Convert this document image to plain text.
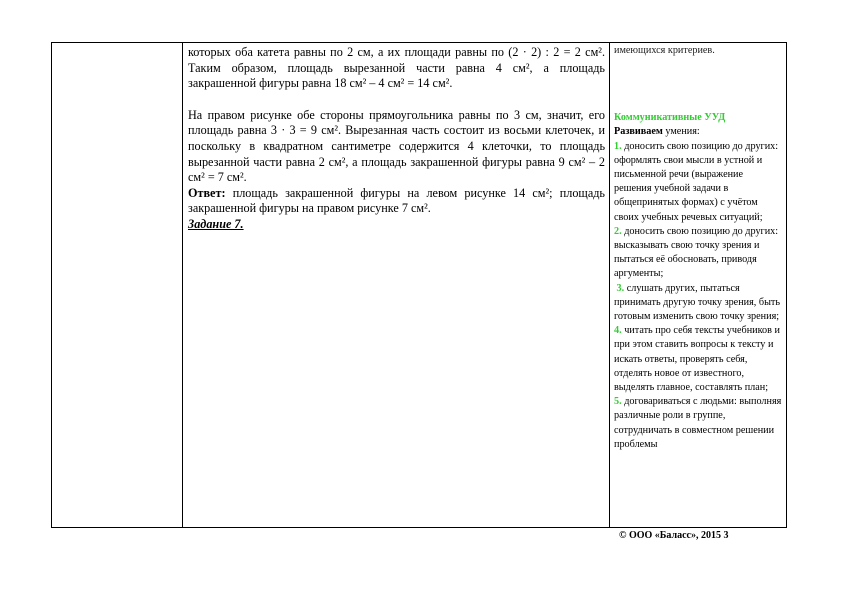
которых оба катета равны по 2 см, а их площади равны по (2 · 2) : 2 = 2 см². Таким образом, площадь вырезанной части равна 4 см², а площадь закрашенной фигуры равна 18 см² – 4 см² = 14 см².

На правом рисунке обе стороны прямоугольника равны по 3 см, значит, его площадь равна 3 · 3 = 9 см². Вырезанная часть состоит из восьми клеточек, и поскольку в квадратном сантиметре содержится 4 клеточки, то площадь вырезанной части равна 2 см², а площадь закрашенной фигуры равна 9 см² – 2 см² = 7 см².

Ответ: площадь закрашенной фигуры на левом рисунке 14 см²; площадь закрашенной фигуры на правом рисунке 7 см².

Задание 7.

имеющихся критериев.

Коммуникативные УУД

Развиваем умения:

1. доносить свою позицию до других: оформлять свои мысли в устной и письменной речи (выражение решения учебной задачи в общепринятых формах) с учётом своих учебных речевых ситуаций;

2. доносить свою позицию до других: высказывать свою точку зрения и пытаться её обосновать, приводя аргументы;

3. слушать других, пытаться принимать другую точку зрения, быть готовым изменить свою точку зрения;

4. читать про себя тексты учебников и при этом ставить вопросы к тексту и искать ответы, проверять себя, отделять новое от известного, выделять главное, составлять план;

5. договариваться с людьми: выполняя различные роли в группе, сотрудничать в совместном решении проблемы

© ООО «Баласс», 2015 3
